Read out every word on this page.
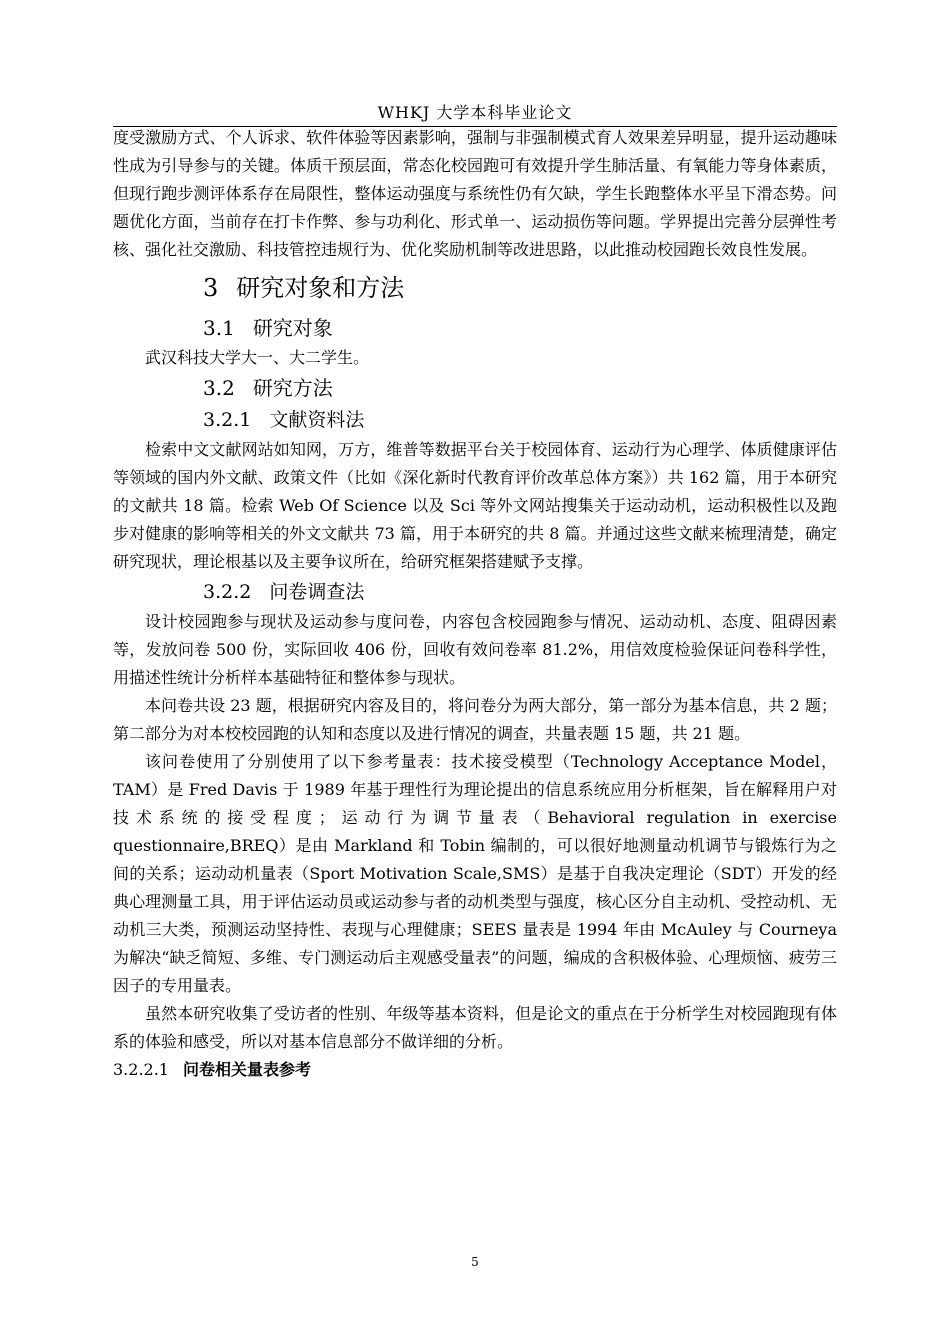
WHKJ 大学本科毕业论文

度受激励方式、个人诉求、软件体验等因素影响，强制与非强制模式育人效果差异明显，提升运动趣味性成为引导参与的关键。体质干预层面，常态化校园跑可有效提升学生肺活量、有氧能力等身体素质，但现行跑步测评体系存在局限性，整体运动强度与系统性仍有欠缺，学生长跑整体水平呈下滑态势。问题优化方面，当前存在打卡作弊、参与功利化、形式单一、运动损伤等问题。学界提出完善分层弹性考核、强化社交激励、科技管控违规行为、优化奖励机制等改进思路，以此推动校园跑长效良性发展。

3 研究对象和方法
3.1 研究对象

武汉科技大学大一、大二学生。

3.2 研究方法
3.2.1 文献资料法

检索中文文献网站如知网，万方，维普等数据平台关于校园体育、运动行为心理学、体质健康评估等领域的国内外文献、政策文件（比如《深化新时代教育评价改革总体方案》）共 162 篇，用于本研究的文献共 18 篇。检索 Web Of Science 以及 Sci 等外文网站搜集关于运动动机，运动积极性以及跑步对健康的影响等相关的外文文献共 73 篇，用于本研究的共 8 篇。并通过这些文献来梳理清楚，确定研究现状，理论根基以及主要争议所在，给研究框架搭建赋予支撑。

3.2.2 问卷调查法

设计校园跑参与现状及运动参与度问卷，内容包含校园跑参与情况、运动动机、态度、阻碍因素等，发放问卷 500 份，实际回收 406 份，回收有效问卷率 81.2%，用信效度检验保证问卷科学性，用描述性统计分析样本基础特征和整体参与现状。

本问卷共设 23 题，根据研究内容及目的，将问卷分为两大部分，第一部分为基本信息，共 2 题；第二部分为对本校校园跑的认知和态度以及进行情况的调查，共量表题 15 题，共 21 题。

该问卷使用了分别使用了以下参考量表：技术接受模型（Technology Acceptance Model，TAM）是 Fred Davis 于 1989 年基于理性行为理论提出的信息系统应用分析框架，旨在解释用户对技术系统的接受程度；运动行为调节量表（Behavioral regulation in exercise questionnaire,BREQ）是由 Markland 和 Tobin 编制的，可以很好地测量动机调节与锻炼行为之间的关系；运动动机量表（Sport Motivation Scale,SMS）是基于自我决定理论（SDT）开发的经典心理测量工具，用于评估运动员或运动参与者的动机类型与强度，核心区分自主动机、受控动机、无动机三大类，预测运动坚持性、表现与心理健康；SEES 量表是 1994 年由 McAuley 与 Courneya 为解决“缺乏简短、多维、专门测运动后主观感受量表”的问题，编成的含积极体验、心理烦恼、疲劳三因子的专用量表。

虽然本研究收集了受访者的性别、年级等基本资料，但是论文的重点在于分析学生对校园跑现有体系的体验和感受，所以对基本信息部分不做详细的分析。

3.2.2.1 问卷相关量表参考
5
